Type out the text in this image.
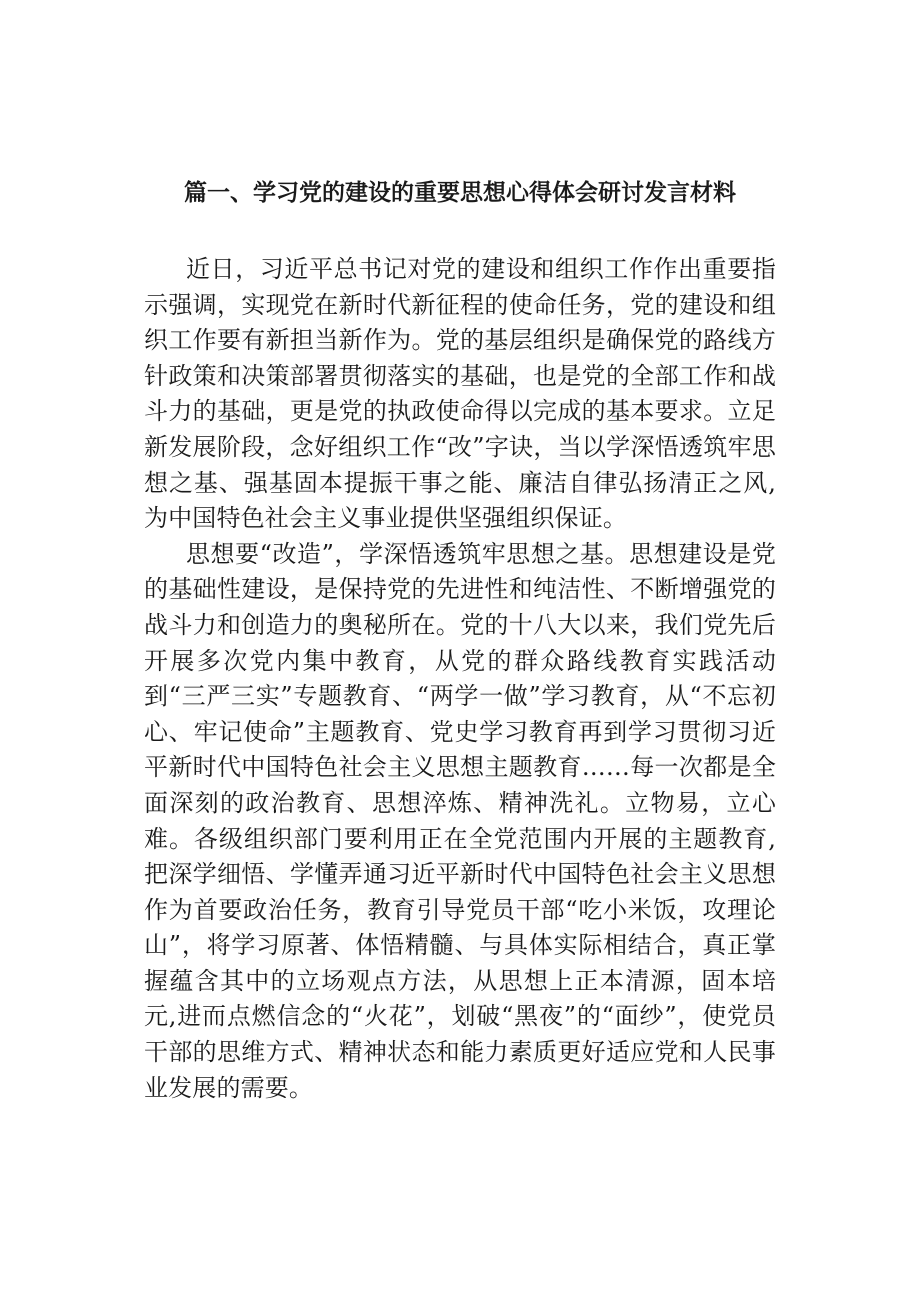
篇一、学习党的建设的重要思想心得体会研讨发言材料

近日，习近平总书记对党的建设和组织工作作出重要指示强调，实现党在新时代新征程的使命任务，党的建设和组织工作要有新担当新作为。党的基层组织是确保党的路线方针政策和决策部署贯彻落实的基础，也是党的全部工作和战斗力的基础，更是党的执政使命得以完成的基本要求。立足新发展阶段，念好组织工作“改”字诀，当以学深悟透筑牢思想之基、强基固本提振干事之能、廉洁自律弘扬清正之风,为中国特色社会主义事业提供坚强组织保证。

思想要“改造”，学深悟透筑牢思想之基。思想建设是党的基础性建设，是保持党的先进性和纯洁性、不断增强党的战斗力和创造力的奥秘所在。党的十八大以来，我们党先后开展多次党内集中教育，从党的群众路线教育实践活动到“三严三实”专题教育、“两学一做”学习教育，从“不忘初心、牢记使命”主题教育、党史学习教育再到学习贯彻习近平新时代中国特色社会主义思想主题教育……每一次都是全面深刻的政治教育、思想淬炼、精神洗礼。立物易，立心难。各级组织部门要利用正在全党范围内开展的主题教育,把深学细悟、学懂弄通习近平新时代中国特色社会主义思想作为首要政治任务，教育引导党员干部“吃小米饭，攻理论山”，将学习原著、体悟精髓、与具体实际相结合，真正掌握蕴含其中的立场观点方法，从思想上正本清源，固本培元,进而点燃信念的“火花”，划破“黑夜”的“面纱”，使党员干部的思维方式、精神状态和能力素质更好适应党和人民事业发展的需要。
